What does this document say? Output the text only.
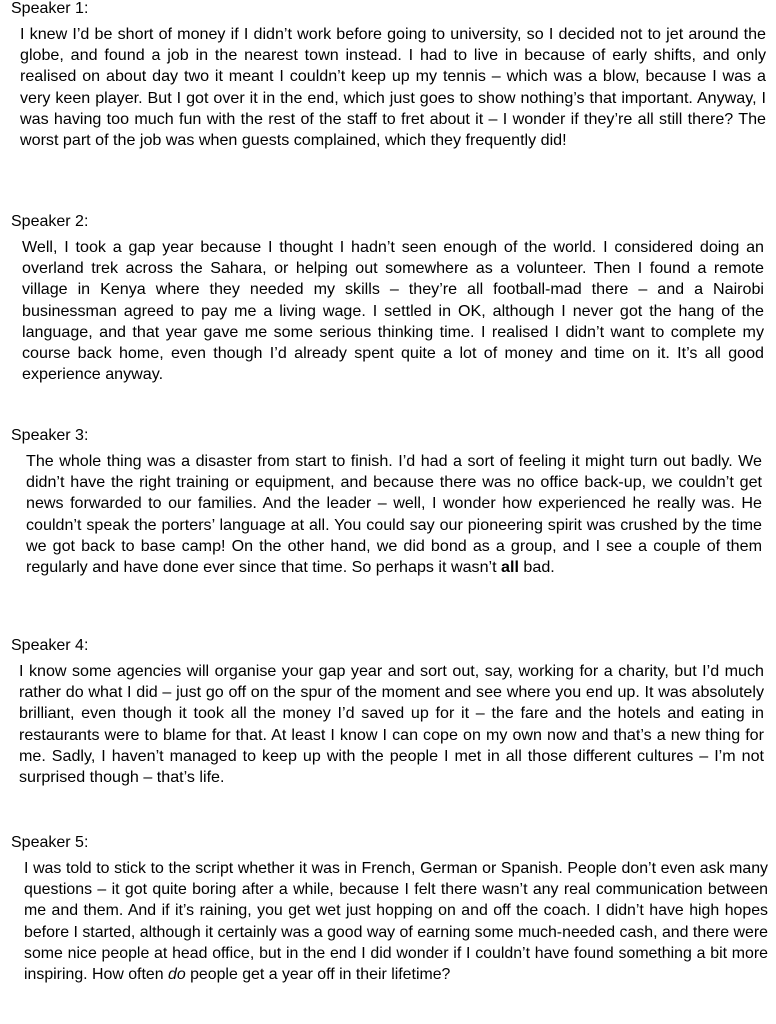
Speaker 1:

I knew I’d be short of money if I didn’t work before going to university, so I decided not to jet around the globe, and found a job in the nearest town instead. I had to live in because of early shifts, and only realised on about day two it meant I couldn’t keep up my tennis – which was a blow, because I was a very keen player. But I got over it in the end, which just goes to show nothing’s that important. Anyway, I was having too much fun with the rest of the staff to fret about it – I wonder if they’re all still there? The worst part of the job was when guests complained, which they frequently did!

Speaker 2:

Well, I took a gap year because I thought I hadn’t seen enough of the world. I considered doing an overland trek across the Sahara, or helping out somewhere as a volunteer. Then I found a remote village in Kenya where they needed my skills – they’re all football-mad there – and a Nairobi businessman agreed to pay me a living wage. I settled in OK, although I never got the hang of the language, and that year gave me some serious thinking time. I realised I didn’t want to complete my course back home, even though I’d already spent quite a lot of money and time on it. It’s all good experience anyway.

Speaker 3:

The whole thing was a disaster from start to finish. I’d had a sort of feeling it might turn out badly. We didn’t have the right training or equipment, and because there was no office back-up, we couldn’t get news forwarded to our families. And the leader – well, I wonder how experienced he really was. He couldn’t speak the porters’ language at all. You could say our pioneering spirit was crushed by the time we got back to base camp! On the other hand, we did bond as a group, and I see a couple of them regularly and have done ever since that time. So perhaps it wasn’t all bad.

Speaker 4:

I know some agencies will organise your gap year and sort out, say, working for a charity, but I’d much rather do what I did – just go off on the spur of the moment and see where you end up. It was absolutely brilliant, even though it took all the money I’d saved up for it – the fare and the hotels and eating in restaurants were to blame for that. At least I know I can cope on my own now and that’s a new thing for me. Sadly, I haven’t managed to keep up with the people I met in all those different cultures – I’m not surprised though – that’s life.

Speaker 5:

I was told to stick to the script whether it was in French, German or Spanish. People don’t even ask many questions – it got quite boring after a while, because I felt there wasn’t any real communication between me and them. And if it’s raining, you get wet just hopping on and off the coach. I didn’t have high hopes before I started, although it certainly was a good way of earning some much-needed cash, and there were some nice people at head office, but in the end I did wonder if I couldn’t have found something a bit more inspiring. How often do people get a year off in their lifetime?
